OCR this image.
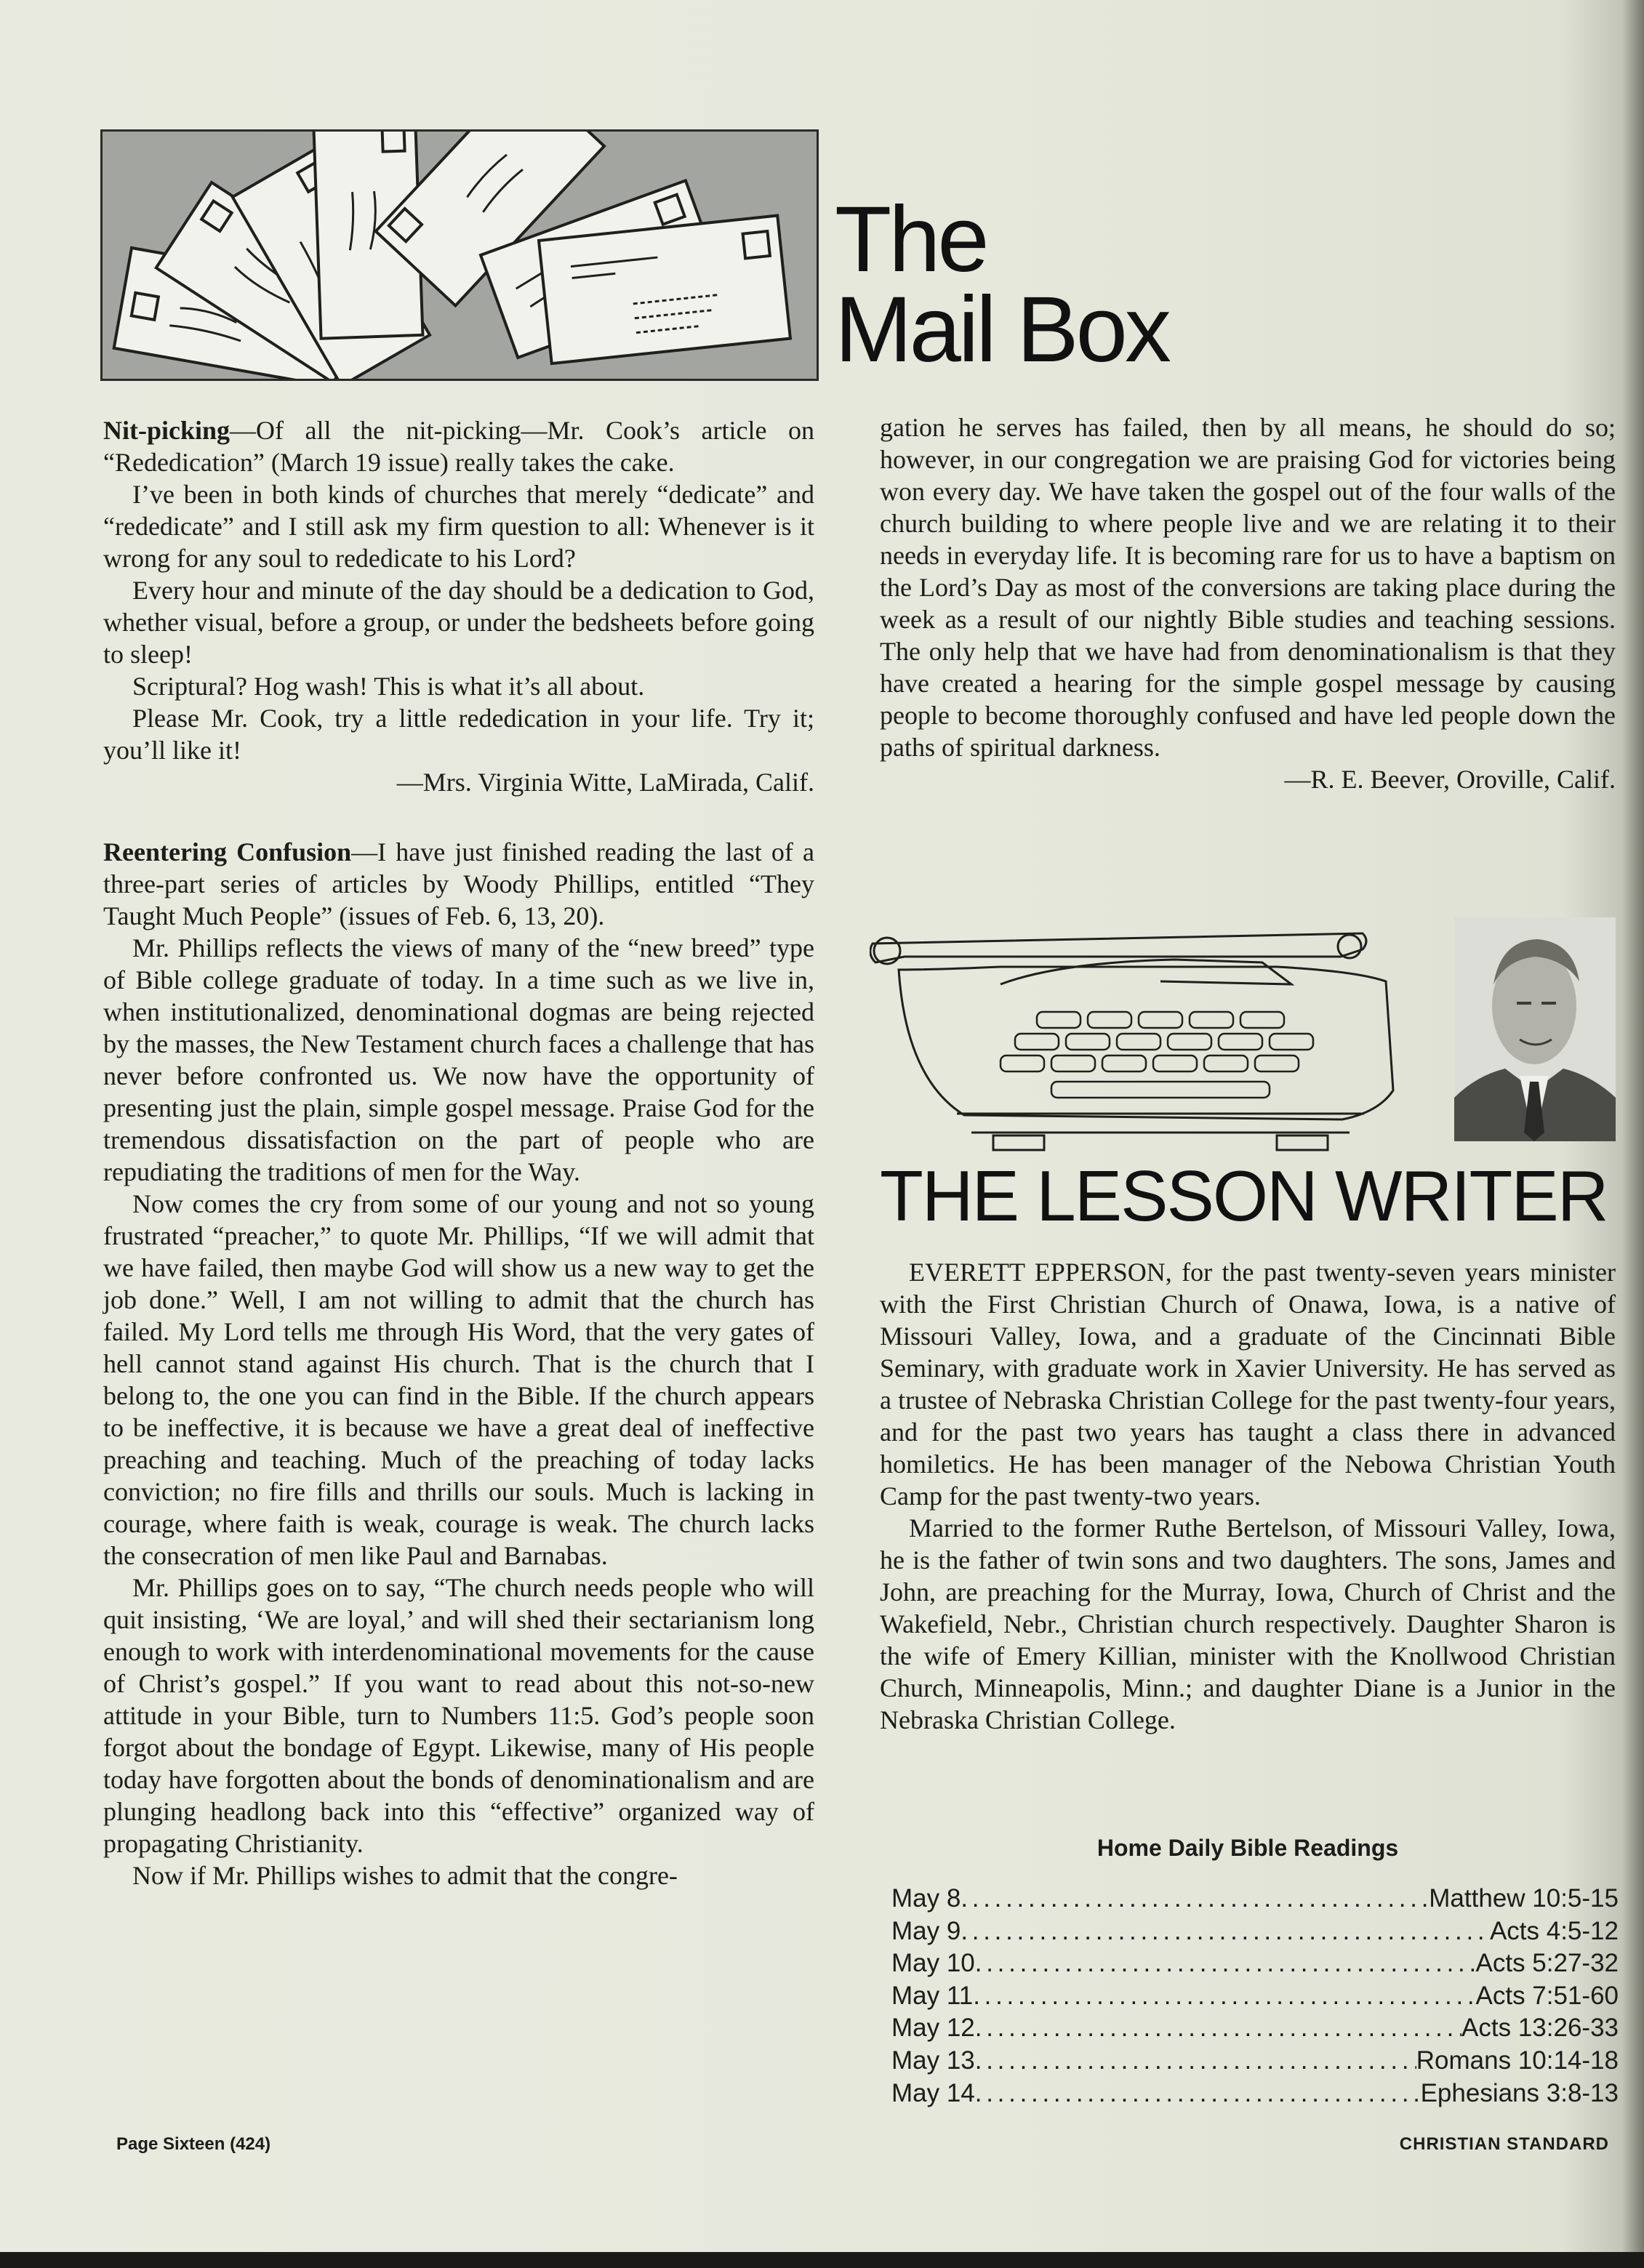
The
Mail Box

Nit-picking—Of all the nit-picking—Mr. Cook’s article on “Rededication” (March 19 issue) really takes the cake.

I’ve been in both kinds of churches that merely “dedicate” and “rededicate” and I still ask my firm question to all: Whenever is it wrong for any soul to rededicate to his Lord?

Every hour and minute of the day should be a dedication to God, whether visual, before a group, or under the bedsheets before going to sleep!

Scriptural? Hog wash! This is what it’s all about.

Please Mr. Cook, try a little rededication in your life. Try it; you’ll like it!

—Mrs. Virginia Witte, LaMirada, Calif.

Reentering Confusion—I have just finished reading the last of a three-part series of articles by Woody Phillips, entitled “They Taught Much People” (issues of Feb. 6, 13, 20).

Mr. Phillips reflects the views of many of the “new breed” type of Bible college graduate of today. In a time such as we live in, when institutionalized, denominational dogmas are being rejected by the masses, the New Testament church faces a challenge that has never before confronted us. We now have the opportunity of presenting just the plain, simple gospel message. Praise God for the tremendous dissatisfaction on the part of people who are repudiating the traditions of men for the Way.

Now comes the cry from some of our young and not so young frustrated “preacher,” to quote Mr. Phillips, “If we will admit that we have failed, then maybe God will show us a new way to get the job done.” Well, I am not willing to admit that the church has failed. My Lord tells me through His Word, that the very gates of hell cannot stand against His church. That is the church that I belong to, the one you can find in the Bible. If the church appears to be ineffective, it is because we have a great deal of ineffective preaching and teaching. Much of the preaching of today lacks conviction; no fire fills and thrills our souls. Much is lacking in courage, where faith is weak, courage is weak. The church lacks the consecration of men like Paul and Barnabas.

Mr. Phillips goes on to say, “The church needs people who will quit insisting, ‘We are loyal,’ and will shed their sectarianism long enough to work with interdenominational movements for the cause of Christ’s gospel.” If you want to read about this not-so-new attitude in your Bible, turn to Numbers 11:5. God’s people soon forgot about the bondage of Egypt. Likewise, many of His people today have forgotten about the bonds of denominationalism and are plunging headlong back into this “effective” organized way of propagating Christianity.

Now if Mr. Phillips wishes to admit that the congre-

gation he serves has failed, then by all means, he should do so; however, in our congregation we are praising God for victories being won every day. We have taken the gospel out of the four walls of the church building to where people live and we are relating it to their needs in everyday life. It is becoming rare for us to have a baptism on the Lord’s Day as most of the conversions are taking place during the week as a result of our nightly Bible studies and teaching sessions. The only help that we have had from denominationalism is that they have created a hearing for the simple gospel message by causing people to become thoroughly confused and have led people down the paths of spiritual darkness.

—R. E. Beever, Oroville, Calif.

THE LESSON WRITER

EVERETT EPPERSON, for the past twenty-seven years minister with the First Christian Church of Onawa, Iowa, is a native of Missouri Valley, Iowa, and a graduate of the Cincinnati Bible Seminary, with graduate work in Xavier University. He has served as a trustee of Nebraska Christian College for the past twenty-four years, and for the past two years has taught a class there in advanced homiletics. He has been manager of the Nebowa Christian Youth Camp for the past twenty-two years.

Married to the former Ruthe Bertelson, of Missouri Valley, Iowa, he is the father of twin sons and two daughters. The sons, James and John, are preaching for the Murray, Iowa, Church of Christ and the Wakefield, Nebr., Christian church respectively. Daughter Sharon is the wife of Emery Killian, minister with the Knollwood Christian Church, Minneapolis, Minn.; and daughter Diane is a Junior in the Nebraska Christian College.

Home Daily Bible Readings
May 8 . . .	Matthew 10:5-15
May 9 . . .	Acts 4:5-12
May 10 . . .	Acts 5:27-32
May 11 . . .	Acts 7:51-60
May 12 . . .	Acts 13:26-33
May 13 . . .	Romans 10:14-18
May 14 . . .	Ephesians 3:8-13
Page Sixteen (424)	CHRISTIAN STANDARD
